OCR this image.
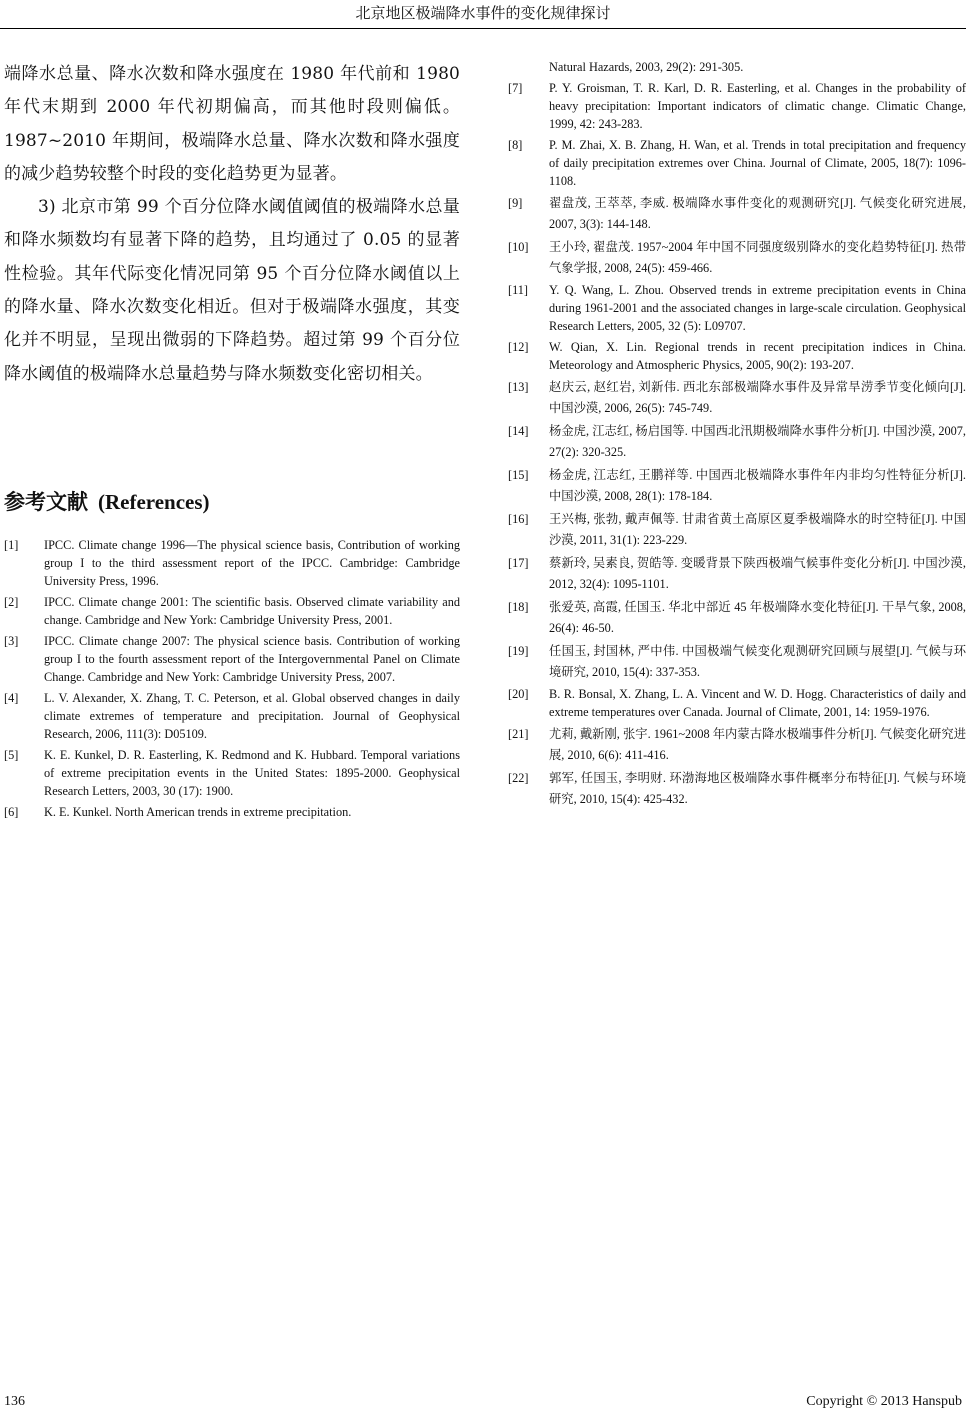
北京地区极端降水事件的变化规律探讨

端降水总量、降水次数和降水强度在 1980 年代前和 1980 年代末期到 2000 年代初期偏高，而其他时段则偏低。1987~2010 年期间，极端降水总量、降水次数和降水强度的减少趋势较整个时段的变化趋势更为显著。

3) 北京市第 99 个百分位降水阈值阈值的极端降水总量和降水频数均有显著下降的趋势，且均通过了 0.05 的显著性检验。其年代际变化情况同第 95 个百分位降水阈值以上的降水量、降水次数变化相近。但对于极端降水强度，其变化并不明显，呈现出微弱的下降趋势。超过第 99 个百分位降水阈值的极端降水总量趋势与降水频数变化密切相关。

参考文献 (References)
[1]	IPCC. Climate change 1996—The physical science basis, Contribution of working group I to the third assessment report of the IPCC. Cambridge: Cambridge University Press, 1996.
[2]	IPCC. Climate change 2001: The scientific basis. Observed climate variability and change. Cambridge and New York: Cambridge University Press, 2001.
[3]	IPCC. Climate change 2007: The physical science basis. Contribution of working group I to the fourth assessment report of the Intergovernmental Panel on Climate Change. Cambridge and New York: Cambridge University Press, 2007.
[4]	L. V. Alexander, X. Zhang, T. C. Peterson, et al. Global observed changes in daily climate extremes of temperature and precipitation. Journal of Geophysical Research, 2006, 111(3): D05109.
[5]	K. E. Kunkel, D. R. Easterling, K. Redmond and K. Hubbard. Temporal variations of extreme precipitation events in the United States: 1895-2000. Geophysical Research Letters, 2003, 30 (17): 1900.
[6]	K. E. Kunkel. North American trends in extreme precipitation.
Natural Hazards, 2003, 29(2): 291-305.
[7]	P. Y. Groisman, T. R. Karl, D. R. Easterling, et al. Changes in the probability of heavy precipitation: Important indicators of climatic change. Climatic Change, 1999, 42: 243-283.
[8]	P. M. Zhai, X. B. Zhang, H. Wan, et al. Trends in total precipitation and frequency of daily precipitation extremes over China. Journal of Climate, 2005, 18(7): 1096-1108.
[9]	翟盘茂, 王萃萃, 李威. 极端降水事件变化的观测研究[J]. 气候变化研究进展, 2007, 3(3): 144-148.
[10]	王小玲, 翟盘茂. 1957~2004 年中国不同强度级别降水的变化趋势特征[J]. 热带气象学报, 2008, 24(5): 459-466.
[11]	Y. Q. Wang, L. Zhou. Observed trends in extreme precipitation events in China during 1961-2001 and the associated changes in large-scale circulation. Geophysical Research Letters, 2005, 32 (5): L09707.
[12]	W. Qian, X. Lin. Regional trends in recent precipitation indices in China. Meteorology and Atmospheric Physics, 2005, 90(2): 193-207.
[13]	赵庆云, 赵红岩, 刘新伟. 西北东部极端降水事件及异常旱涝季节变化倾向[J]. 中国沙漠, 2006, 26(5): 745-749.
[14]	杨金虎, 江志红, 杨启国等. 中国西北汛期极端降水事件分析[J]. 中国沙漠, 2007, 27(2): 320-325.
[15]	杨金虎, 江志红, 王鹏祥等. 中国西北极端降水事件年内非均匀性特征分析[J]. 中国沙漠, 2008, 28(1): 178-184.
[16]	王兴梅, 张勃, 戴声佩等. 甘肃省黄土高原区夏季极端降水的时空特征[J]. 中国沙漠, 2011, 31(1): 223-229.
[17]	蔡新玲, 吴素良, 贺皓等. 变暖背景下陕西极端气候事件变化分析[J]. 中国沙漠, 2012, 32(4): 1095-1101.
[18]	张爱英, 高霞, 任国玉. 华北中部近 45 年极端降水变化特征[J]. 干旱气象, 2008, 26(4): 46-50.
[19]	任国玉, 封国林, 严中伟. 中国极端气候变化观测研究回顾与展望[J]. 气候与环境研究, 2010, 15(4): 337-353.
[20]	B. R. Bonsal, X. Zhang, L. A. Vincent and W. D. Hogg. Characteristics of daily and extreme temperatures over Canada. Journal of Climate, 2001, 14: 1959-1976.
[21]	尤莉, 戴新刚, 张宇. 1961~2008 年内蒙古降水极端事件分析[J]. 气候变化研究进展, 2010, 6(6): 411-416.
[22]	郭军, 任国玉, 李明财. 环渤海地区极端降水事件概率分布特征[J]. 气候与环境研究, 2010, 15(4): 425-432.
136	Copyright © 2013 Hanspub
